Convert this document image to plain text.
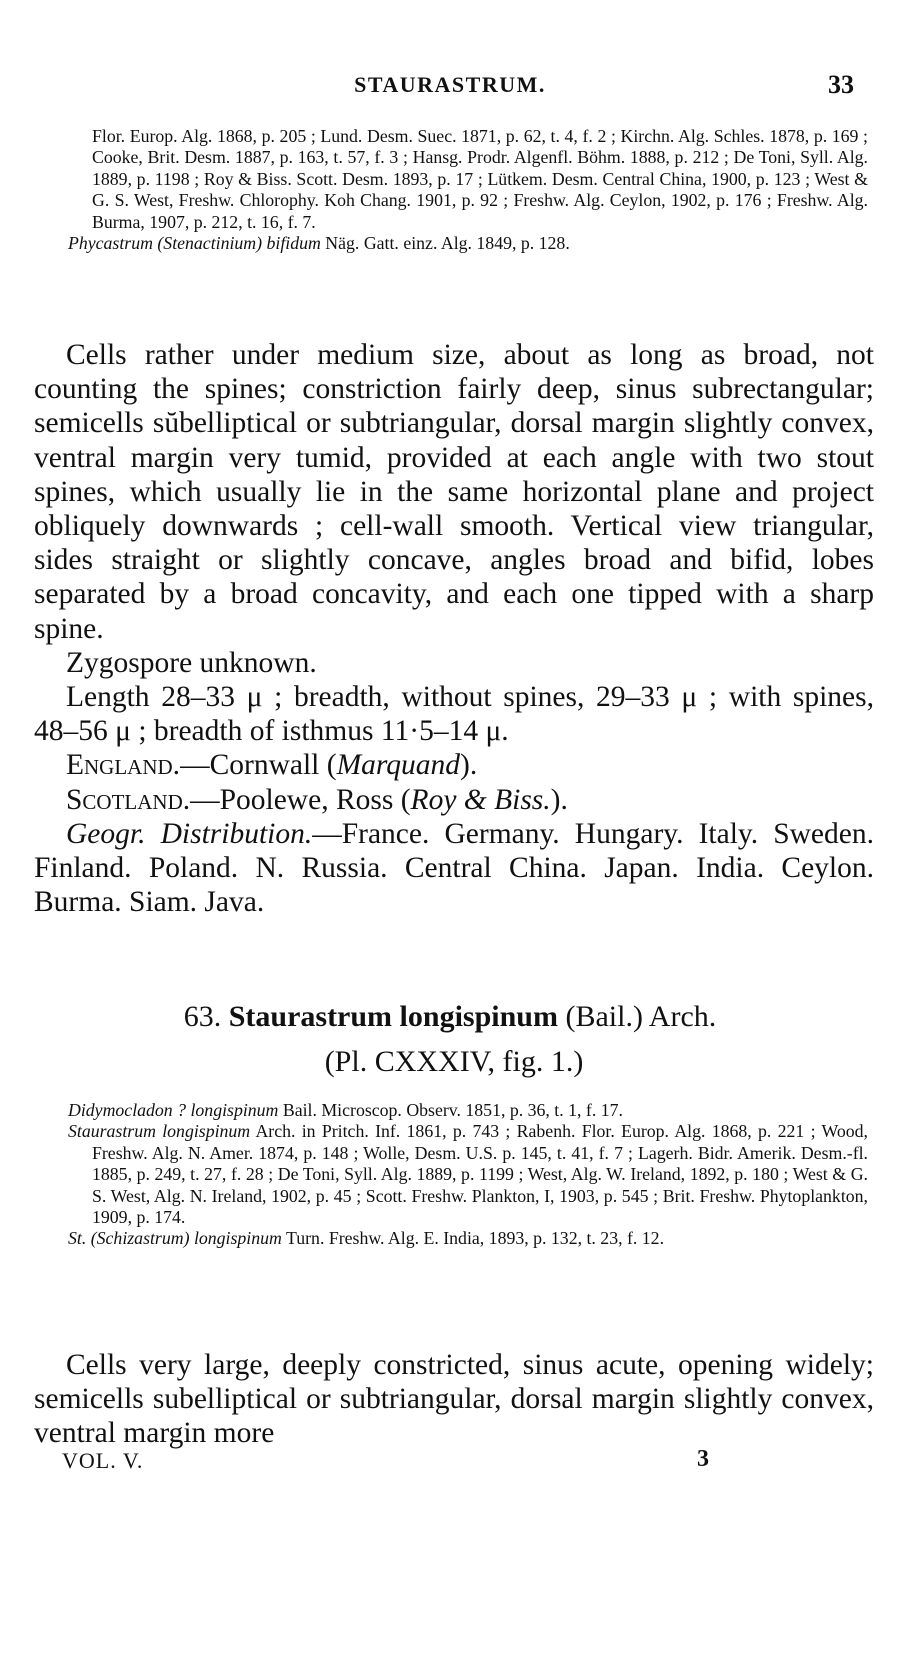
STAURASTRUM.	33
Flor. Europ. Alg. 1868, p. 205 ; Lund. Desm. Suec. 1871, p. 62, t. 4, f. 2 ; Kirchn. Alg. Schles. 1878, p. 169 ; Cooke, Brit. Desm. 1887, p. 163, t. 57, f. 3 ; Hansg. Prodr. Algenfl. Böhm. 1888, p. 212 ; De Toni, Syll. Alg. 1889, p. 1198 ; Roy & Biss. Scott. Desm. 1893, p. 17 ; Lütkem. Desm. Central China, 1900, p. 123 ; West & G. S. West, Freshw. Chlorophy. Koh Chang. 1901, p. 92 ; Freshw. Alg. Ceylon, 1902, p. 176 ; Freshw. Alg. Burma, 1907, p. 212, t. 16, f. 7.
Phycastrum (Stenactinium) bifidum Näg. Gatt. einz. Alg. 1849, p. 128.

Cells rather under medium size, about as long as broad, not counting the spines; constriction fairly deep, sinus subrectangular; semicells sŭbelliptical or subtriangular, dorsal margin slightly convex, ventral margin very tumid, provided at each angle with two stout spines, which usually lie in the same horizontal plane and project obliquely downwards ; cell-wall smooth. Vertical view triangular, sides straight or slightly concave, angles broad and bifid, lobes separated by a broad concavity, and each one tipped with a sharp spine.

Zygospore unknown.

Length 28–33 μ ; breadth, without spines, 29–33 μ ; with spines, 48–56 μ ; breadth of isthmus 11·5–14 μ.

England.—Cornwall (Marquand).

Scotland.—Poolewe, Ross (Roy & Biss.).

Geogr. Distribution.—France. Germany. Hungary. Italy. Sweden. Finland. Poland. N. Russia. Central China. Japan. India. Ceylon. Burma. Siam. Java.

63. Staurastrum longispinum (Bail.) Arch.
(Pl. CXXXIV, fig. 1.)
Didymocladon ? longispinum Bail. Microscop. Observ. 1851, p. 36, t. 1, f. 17.
Staurastrum longispinum Arch. in Pritch. Inf. 1861, p. 743 ; Rabenh. Flor. Europ. Alg. 1868, p. 221 ; Wood, Freshw. Alg. N. Amer. 1874, p. 148 ; Wolle, Desm. U.S. p. 145, t. 41, f. 7 ; Lagerh. Bidr. Amerik. Desm.-fl. 1885, p. 249, t. 27, f. 28 ; De Toni, Syll. Alg. 1889, p. 1199 ; West, Alg. W. Ireland, 1892, p. 180 ; West & G. S. West, Alg. N. Ireland, 1902, p. 45 ; Scott. Freshw. Plankton, I, 1903, p. 545 ; Brit. Freshw. Phytoplankton, 1909, p. 174.
St. (Schizastrum) longispinum Turn. Freshw. Alg. E. India, 1893, p. 132, t. 23, f. 12.

Cells very large, deeply constricted, sinus acute, opening widely; semicells subelliptical or subtriangular, dorsal margin slightly convex, ventral margin more

VOL. V.	3
